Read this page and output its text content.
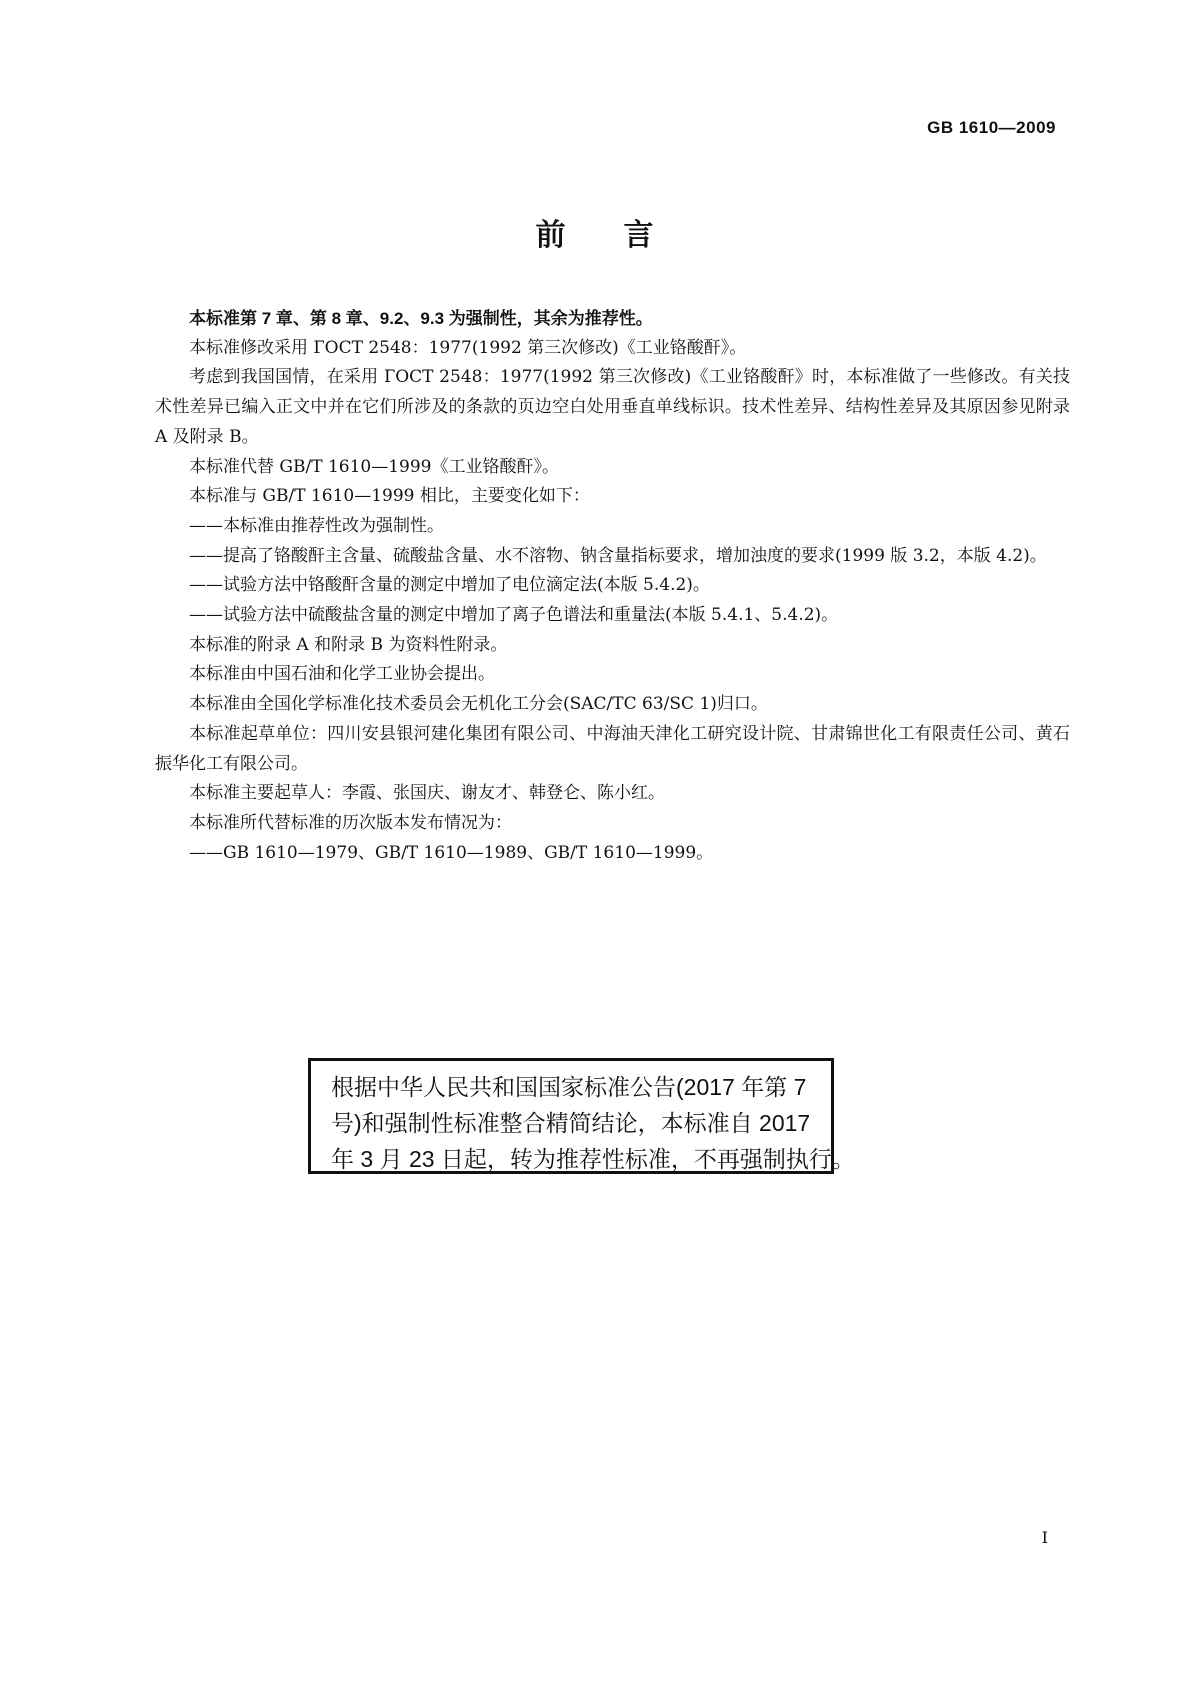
GB 1610—2009
前 言

本标准第 7 章、第 8 章、9.2、9.3 为强制性，其余为推荐性。

本标准修改采用 ГОСТ 2548：1977(1992 第三次修改)《工业铬酸酐》。

考虑到我国国情，在采用 ГОСТ 2548：1977(1992 第三次修改)《工业铬酸酐》时，本标准做了一些修改。有关技术性差异已编入正文中并在它们所涉及的条款的页边空白处用垂直单线标识。技术性差异、结构性差异及其原因参见附录 A 及附录 B。

本标准代替 GB/T 1610—1999《工业铬酸酐》。

本标准与 GB/T 1610—1999 相比，主要变化如下：

——本标准由推荐性改为强制性。

——提高了铬酸酐主含量、硫酸盐含量、水不溶物、钠含量指标要求，增加浊度的要求(1999 版 3.2，本版 4.2)。

——试验方法中铬酸酐含量的测定中增加了电位滴定法(本版 5.4.2)。

——试验方法中硫酸盐含量的测定中增加了离子色谱法和重量法(本版 5.4.1、5.4.2)。

本标准的附录 A 和附录 B 为资料性附录。

本标准由中国石油和化学工业协会提出。

本标准由全国化学标准化技术委员会无机化工分会(SAC/TC 63/SC 1)归口。

本标准起草单位：四川安县银河建化集团有限公司、中海油天津化工研究设计院、甘肃锦世化工有限责任公司、黄石振华化工有限公司。

本标准主要起草人：李霞、张国庆、谢友才、韩登仑、陈小红。

本标准所代替标准的历次版本发布情况为：

——GB 1610—1979、GB/T 1610—1989、GB/T 1610—1999。

根据中华人民共和国国家标准公告(2017 年第 7

号)和强制性标准整合精简结论，本标准自 2017

年 3 月 23 日起，转为推荐性标准，不再强制执行。

I
